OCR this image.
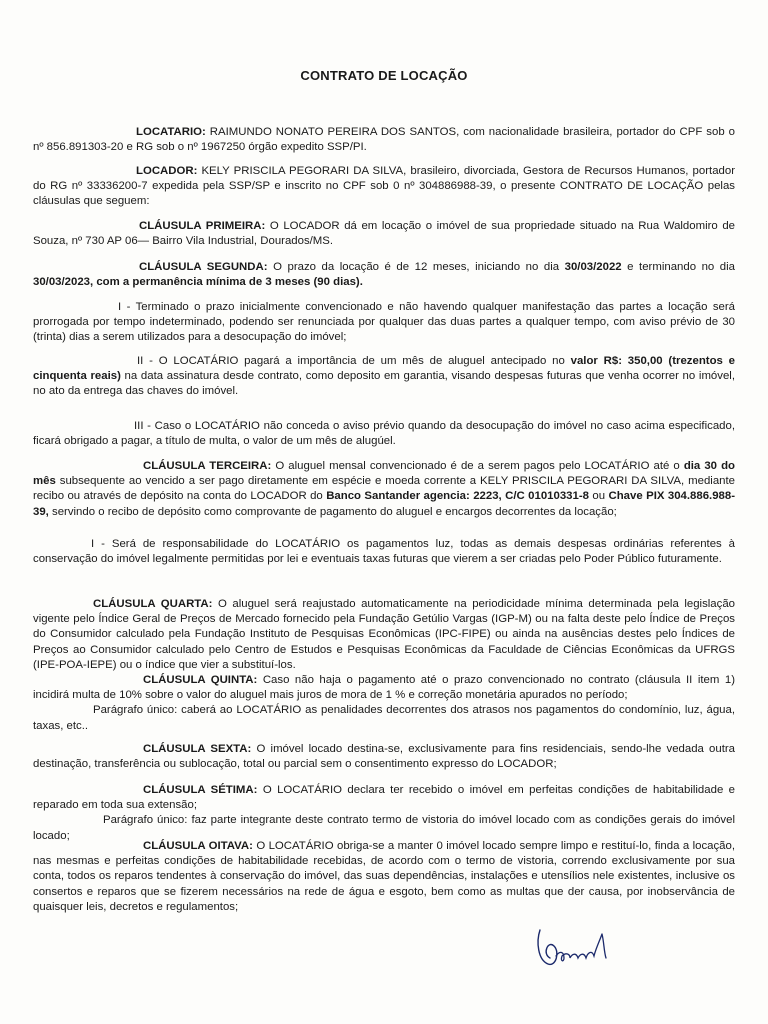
CONTRATO DE LOCAÇÃO

LOCATARIO: RAIMUNDO NONATO PEREIRA DOS SANTOS, com nacionalidade brasileira, portador do CPF sob o nº 856.891303-20 e RG sob o nº 1967250 órgão expedito SSP/PI.

LOCADOR: KELY PRISCILA PEGORARI DA SILVA, brasileiro, divorciada, Gestora de Recursos Humanos, portador do RG nº 33336200-7 expedida pela SSP/SP e inscrito no CPF sob 0 nº 304886988-39, o presente CONTRATO DE LOCAÇÃO pelas cláusulas que seguem:

CLÁUSULA PRIMEIRA: O LOCADOR dá em locação o imóvel de sua propriedade situado na Rua Waldomiro de Souza, nº 730 AP 06— Bairro Vila Industrial, Dourados/MS.

CLÁUSULA SEGUNDA: O prazo da locação é de 12 meses, iniciando no dia 30/03/2022 e terminando no dia 30/03/2023, com a permanência mínima de 3 meses (90 dias).

I - Terminado o prazo inicialmente convencionado e não havendo qualquer manifestação das partes a locação será prorrogada por tempo indeterminado, podendo ser renunciada por qualquer das duas partes a qualquer tempo, com aviso prévio de 30 (trinta) dias a serem utilizados para a desocupação do imóvel;

II - O LOCATÁRIO pagará a importância de um mês de aluguel antecipado no valor R$: 350,00 (trezentos e cinquenta reais) na data assinatura desde contrato, como deposito em garantia, visando despesas futuras que venha ocorrer no imóvel, no ato da entrega das chaves do imóvel.

III - Caso o LOCATÁRIO não conceda o aviso prévio quando da desocupação do imóvel no caso acima especificado, ficará obrigado a pagar, a título de multa, o valor de um mês de alugúel.

CLÁUSULA TERCEIRA: O aluguel mensal convencionado é de a serem pagos pelo LOCATÁRIO até o dia 30 do mês subsequente ao vencido a ser pago diretamente em espécie e moeda corrente a KELY PRISCILA PEGORARI DA SILVA, mediante recibo ou através de depósito na conta do LOCADOR do Banco Santander agencia: 2223, C/C 01010331-8 ou Chave PIX 304.886.988-39, servindo o recibo de depósito como comprovante de pagamento do aluguel e encargos decorrentes da locação;

I - Será de responsabilidade do LOCATÁRIO os pagamentos luz, todas as demais despesas ordinárias referentes à conservação do imóvel legalmente permitidas por lei e eventuais taxas futuras que vierem a ser criadas pelo Poder Público futuramente.

CLÁUSULA QUARTA: O aluguel será reajustado automaticamente na periodicidade mínima determinada pela legislação vigente pelo Índice Geral de Preços de Mercado fornecido pela Fundação Getúlio Vargas (IGP-M) ou na falta deste pelo Índice de Preços do Consumidor calculado pela Fundação Instituto de Pesquisas Econômicas (IPC-FIPE) ou ainda na ausências destes pelo Índices de Preços ao Consumidor calculado pelo Centro de Estudos e Pesquisas Econômicas da Faculdade de Ciências Econômicas da UFRGS (IPE-POA-IEPE) ou o índice que vier a substituí-los.

CLÁUSULA QUINTA: Caso não haja o pagamento até o prazo convencionado no contrato (cláusula II item 1) incidirá multa de 10% sobre o valor do aluguel mais juros de mora de 1 % e correção monetária apurados no período;
Parágrafo único: caberá ao LOCATÁRIO as penalidades decorrentes dos atrasos nos pagamentos do condomínio, luz, água, taxas, etc..

CLÁUSULA SEXTA: O imóvel locado destina-se, exclusivamente para fins residenciais, sendo-lhe vedada outra destinação, transferência ou sublocação, total ou parcial sem o consentimento expresso do LOCADOR;

CLÁUSULA SÉTIMA: O LOCATÁRIO declara ter recebido o imóvel em perfeitas condições de habitabilidade e reparado em toda sua extensão;
Parágrafo único: faz parte integrante deste contrato termo de vistoria do imóvel locado com as condições gerais do imóvel locado;

CLÁUSULA OITAVA: O LOCATÁRIO obriga-se a manter 0 imóvel locado sempre limpo e restituí-lo, finda a locação, nas mesmas e perfeitas condições de habitabilidade recebidas, de acordo com o termo de vistoria, correndo exclusivamente por sua conta, todos os reparos tendentes à conservação do imóvel, das suas dependências, instalações e utensílios nele existentes, inclusive os consertos e reparos que se fizerem necessários na rede de água e esgoto, bem como as multas que der causa, por inobservância de quaisquer leis, decretos e regulamentos;
